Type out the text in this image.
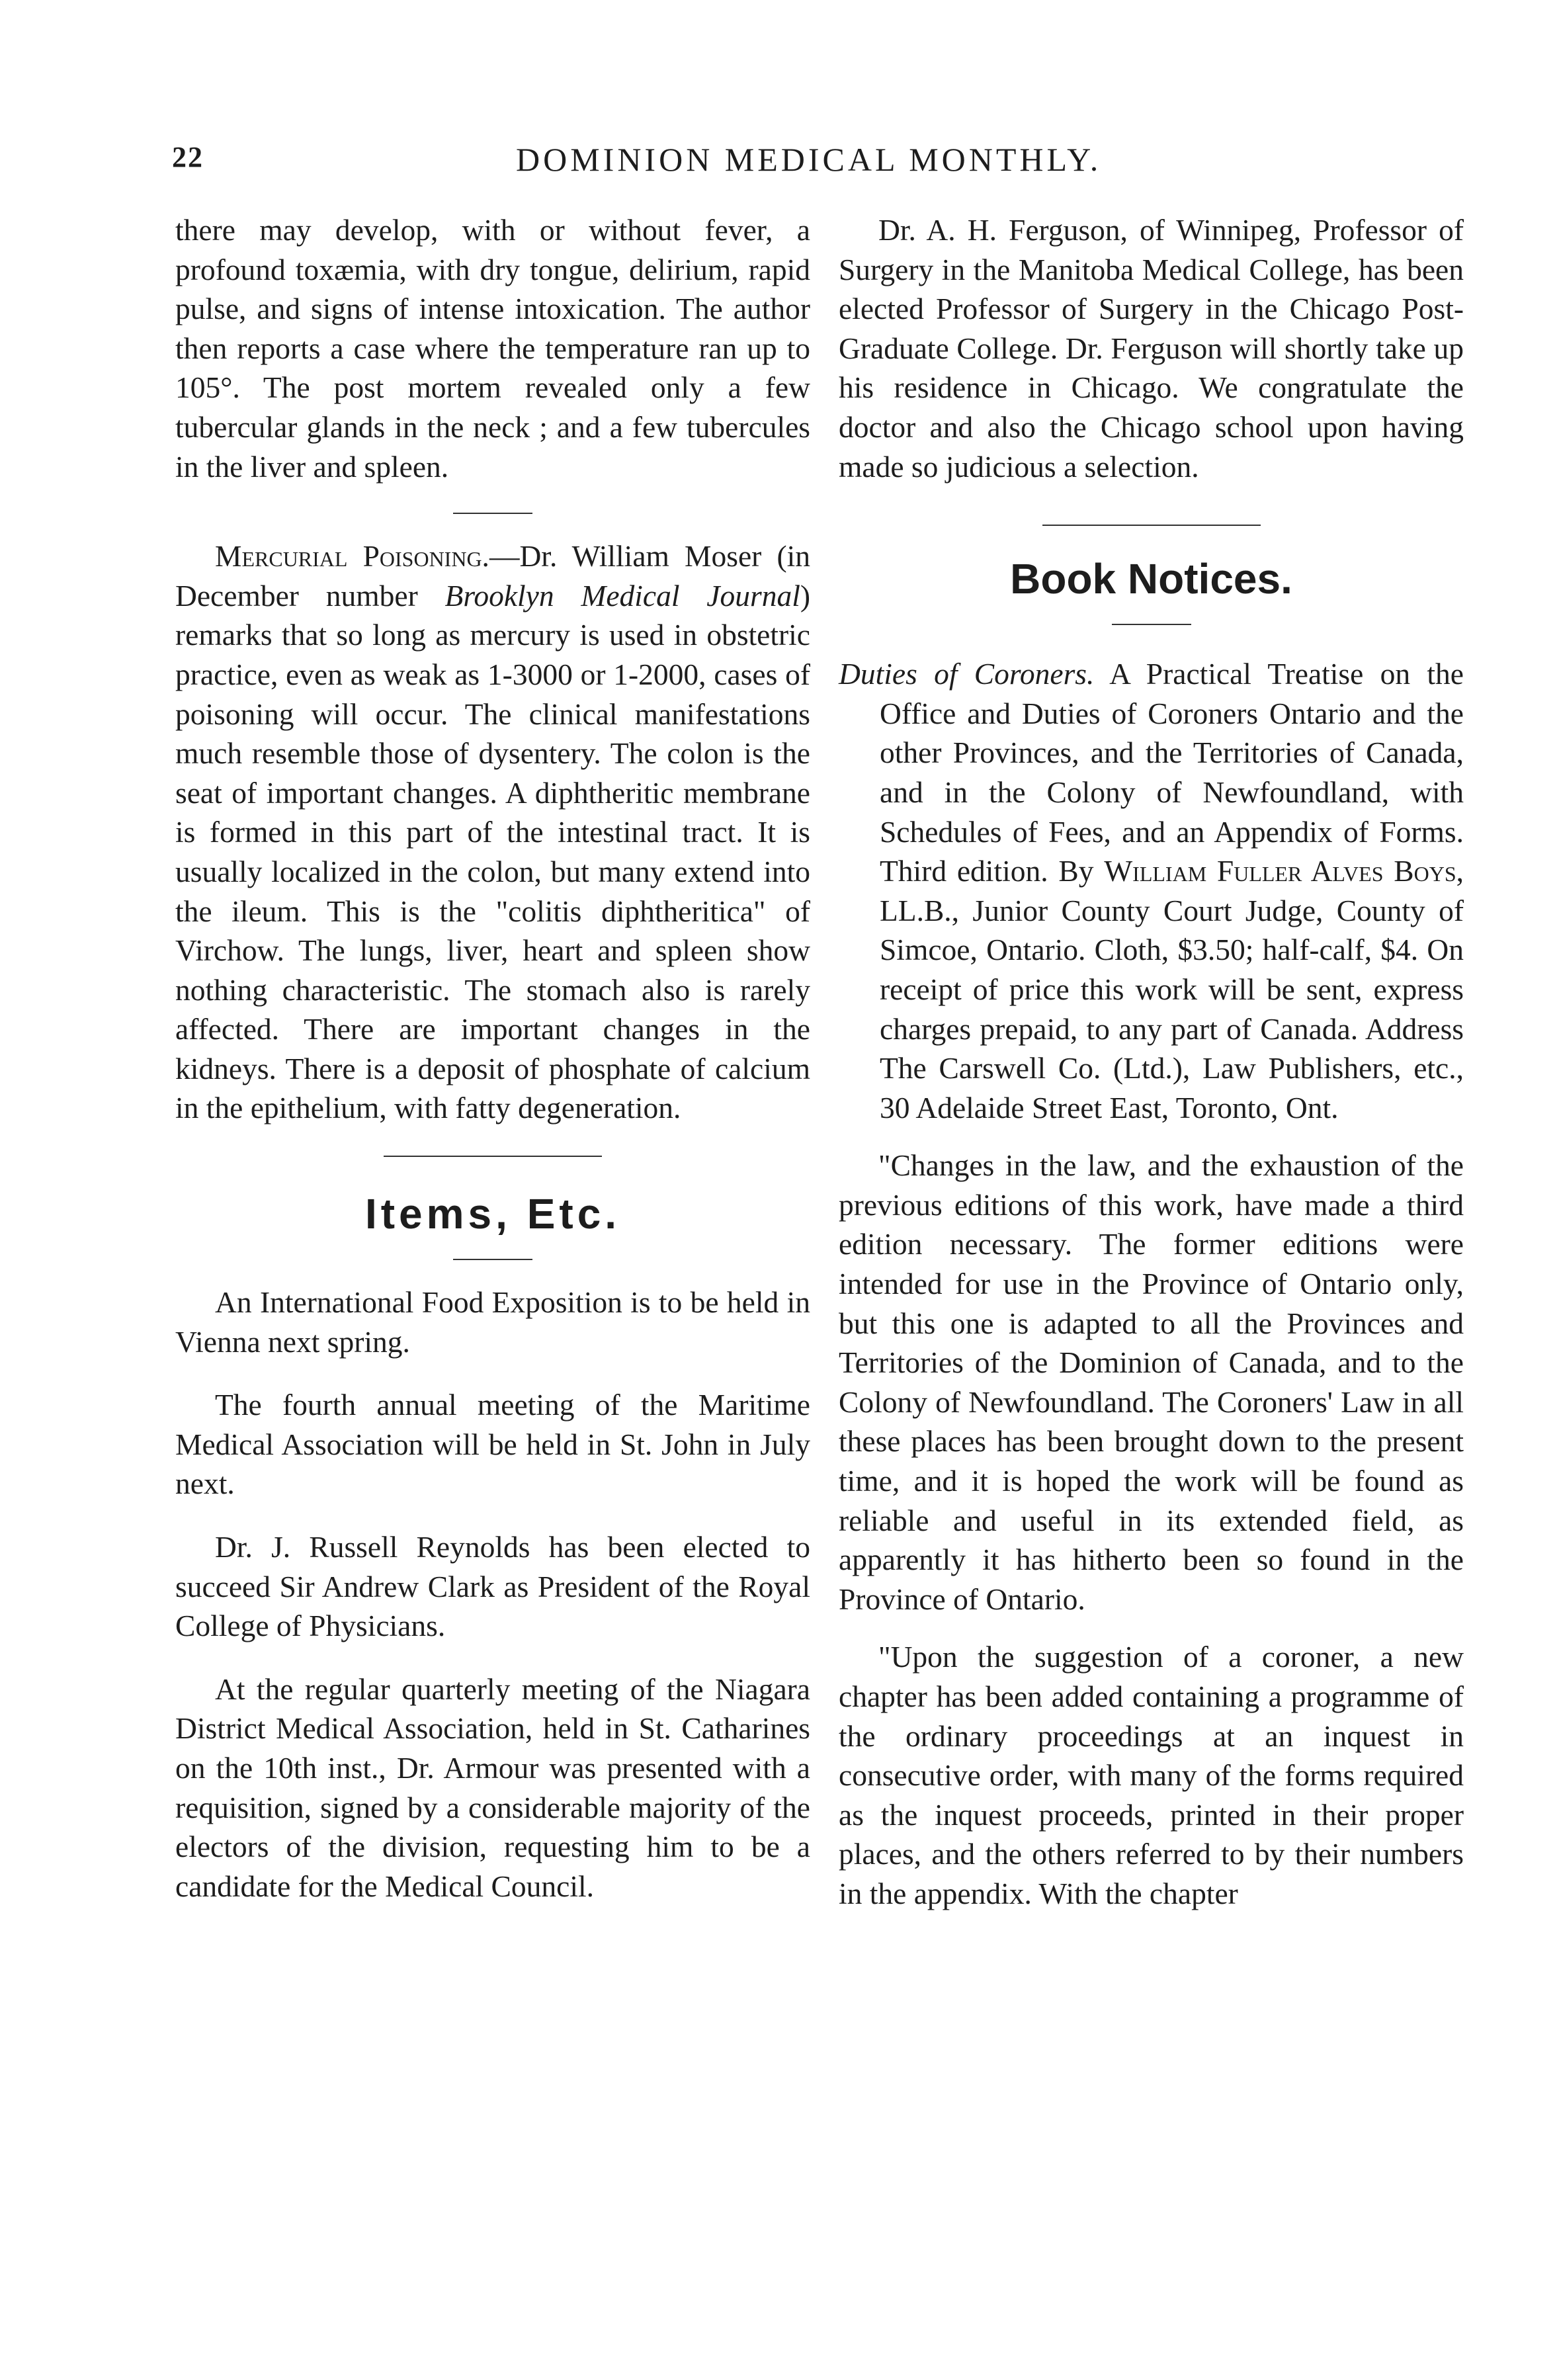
22	DOMINION MEDICAL MONTHLY.

there may develop, with or without fever, a profound toxæmia, with dry tongue, delirium, rapid pulse, and signs of intense intoxication. The author then reports a case where the temperature ran up to 105°. The post mortem revealed only a few tubercular glands in the neck ; and a few tubercules in the liver and spleen.

Mercurial Poisoning.—Dr. William Moser (in December number Brooklyn Medical Journal) remarks that so long as mercury is used in obstetric practice, even as weak as 1-3000 or 1-2000, cases of poisoning will occur. The clinical manifestations much resemble those of dysentery. The colon is the seat of important changes. A diphtheritic membrane is formed in this part of the intestinal tract. It is usually localized in the colon, but many extend into the ileum. This is the "colitis diphtheritica" of Virchow. The lungs, liver, heart and spleen show nothing characteristic. The stomach also is rarely affected. There are important changes in the kidneys. There is a deposit of phosphate of calcium in the epithelium, with fatty degeneration.

Items, Etc.

An International Food Exposition is to be held in Vienna next spring.

The fourth annual meeting of the Maritime Medical Association will be held in St. John in July next.

Dr. J. Russell Reynolds has been elected to succeed Sir Andrew Clark as President of the Royal College of Physicians.

At the regular quarterly meeting of the Niagara District Medical Association, held in St. Catharines on the 10th inst., Dr. Armour was presented with a requisition, signed by a considerable majority of the electors of the division, requesting him to be a candidate for the Medical Council.

Dr. A. H. Ferguson, of Winnipeg, Professor of Surgery in the Manitoba Medical College, has been elected Professor of Surgery in the Chicago Post-Graduate College. Dr. Ferguson will shortly take up his residence in Chicago. We congratulate the doctor and also the Chicago school upon having made so judicious a selection.

Book Notices.

Duties of Coroners. A Practical Treatise on the Office and Duties of Coroners Ontario and the other Provinces, and the Territories of Canada, and in the Colony of Newfoundland, with Schedules of Fees, and an Appendix of Forms. Third edition. By William Fuller Alves Boys, LL.B., Junior County Court Judge, County of Simcoe, Ontario. Cloth, $3.50; half-calf, $4. On receipt of price this work will be sent, express charges prepaid, to any part of Canada. Address The Carswell Co. (Ltd.), Law Publishers, etc., 30 Adelaide Street East, Toronto, Ont.

"Changes in the law, and the exhaustion of the previous editions of this work, have made a third edition necessary. The former editions were intended for use in the Province of Ontario only, but this one is adapted to all the Provinces and Territories of the Dominion of Canada, and to the Colony of Newfoundland. The Coroners' Law in all these places has been brought down to the present time, and it is hoped the work will be found as reliable and useful in its extended field, as apparently it has hitherto been so found in the Province of Ontario.

"Upon the suggestion of a coroner, a new chapter has been added containing a programme of the ordinary proceedings at an inquest in consecutive order, with many of the forms required as the inquest proceeds, printed in their proper places, and the others referred to by their numbers in the appendix. With the chapter
